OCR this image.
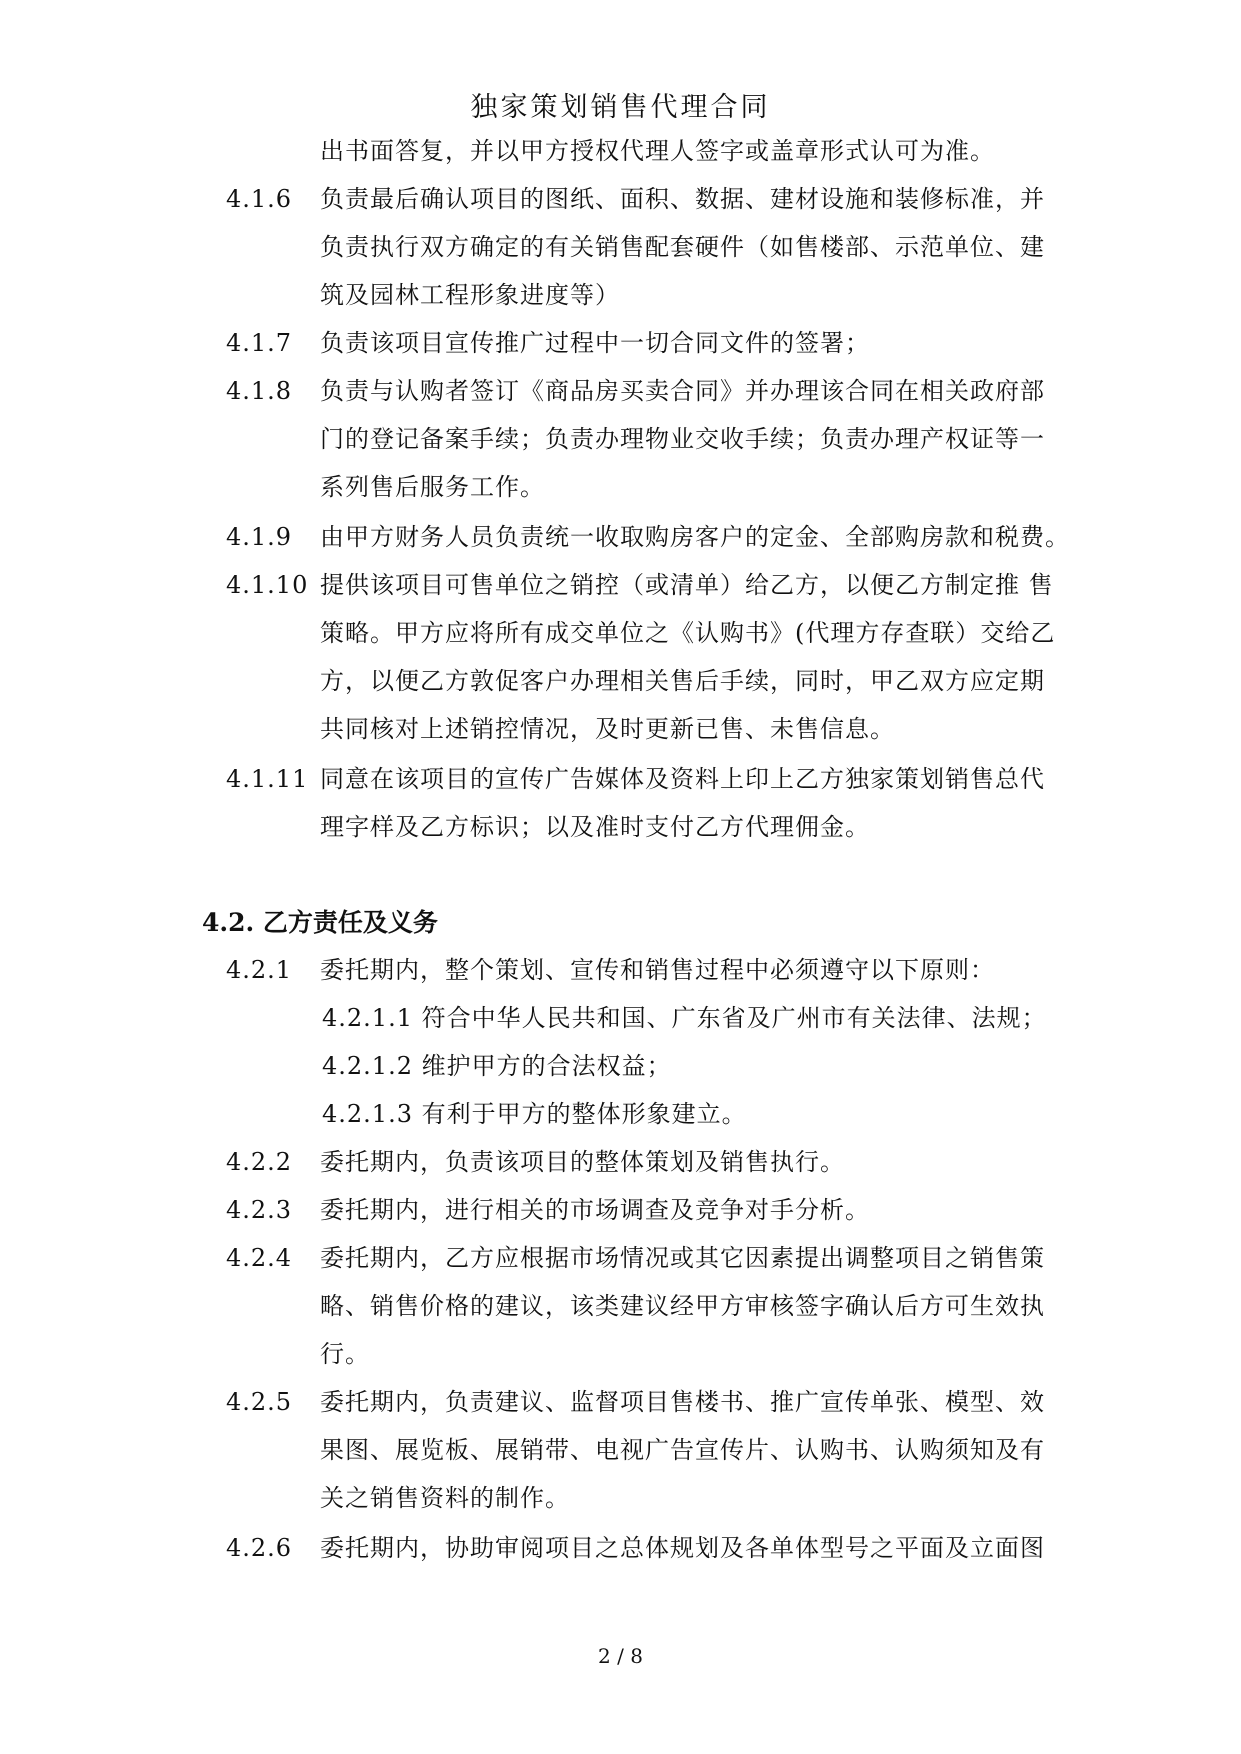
独家策划销售代理合同
出书面答复，并以甲方授权代理人签字或盖章形式认可为准。
4.1.6 负责最后确认项目的图纸、面积、数据、建材设施和装修标准，并
负责执行双方确定的有关销售配套硬件（如售楼部、示范单位、建
筑及园林工程形象进度等）
4.1.7 负责该项目宣传推广过程中一切合同文件的签署；
4.1.8 负责与认购者签订《商品房买卖合同》并办理该合同在相关政府部
门的登记备案手续；负责办理物业交收手续；负责办理产权证等一
系列售后服务工作。
4.1.9 由甲方财务人员负责统一收取购房客户的定金、全部购房款和税费。
4.1.10 提供该项目可售单位之销控（或清单）给乙方，以便乙方制定推 售
策略。甲方应将所有成交单位之《认购书》(代理方存查联）交给乙
方，以便乙方敦促客户办理相关售后手续，同时，甲乙双方应定期
共同核对上述销控情况，及时更新已售、未售信息。
4.1.11 同意在该项目的宣传广告媒体及资料上印上乙方独家策划销售总代
理字样及乙方标识；以及准时支付乙方代理佣金。
4.2. 乙方责任及义务
4.2.1 委托期内，整个策划、宣传和销售过程中必须遵守以下原则：
4.2.1.1 符合中华人民共和国、广东省及广州市有关法律、法规；
4.2.1.2 维护甲方的合法权益；
4.2.1.3 有利于甲方的整体形象建立。
4.2.2 委托期内，负责该项目的整体策划及销售执行。
4.2.3 委托期内，进行相关的市场调查及竞争对手分析。
4.2.4 委托期内，乙方应根据市场情况或其它因素提出调整项目之销售策
略、销售价格的建议，该类建议经甲方审核签字确认后方可生效执
行。
4.2.5 委托期内，负责建议、监督项目售楼书、推广宣传单张、模型、效
果图、展览板、展销带、电视广告宣传片、认购书、认购须知及有
关之销售资料的制作。
4.2.6 委托期内，协助审阅项目之总体规划及各单体型号之平面及立面图
2 / 8
